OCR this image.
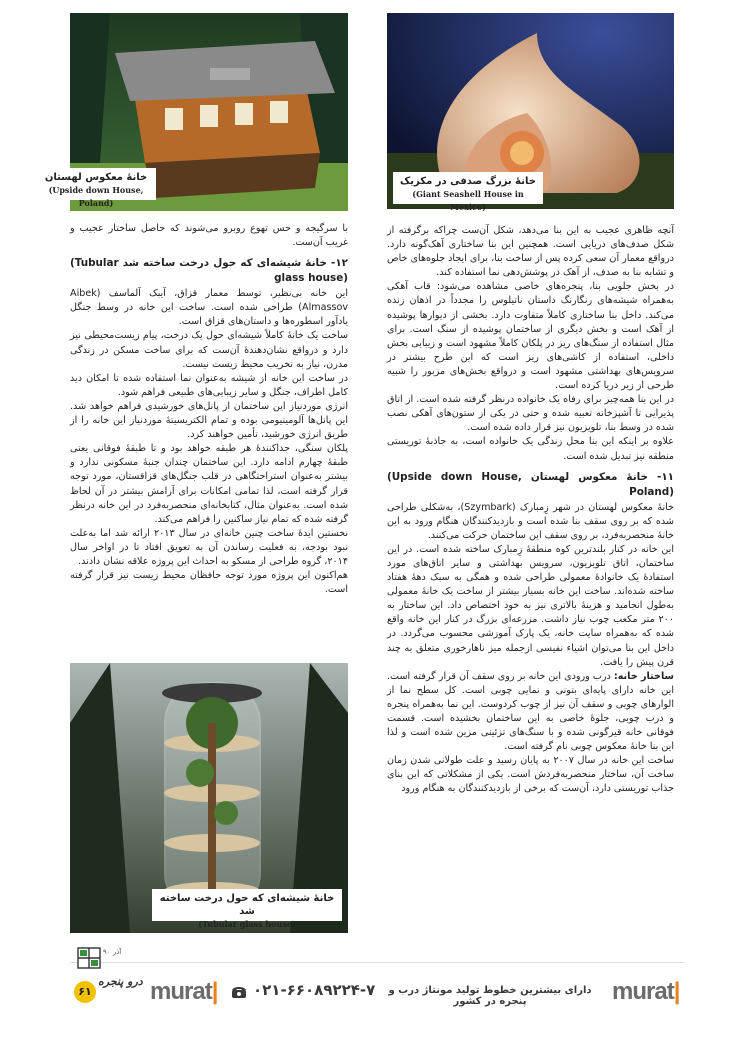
خانهٔ معکوس لهستان
(Upside down House, Poland)
خانهٔ بزرگ صدفی در مکزیک
(Giant Seashell House in Mexico)

با سرگیجه و حس تهوع روبرو می‌شوند که حاصل ساختار عجیب و غریب آن‌ست.

۱۲- خانهٔ شیشه‌ای که حول درخت ساخته شد (Tubular glass house)

این خانه بی‌نظیر، توسط معمار قزاق، آیبک آلماسف (Aibek Almassov) طراحی شده است. ساخت این خانه در وسط جنگل یادآور اسطوره‌ها و داستان‌های قزاق است.

ساخت یک خانهٔ کاملاً شیشه‌ای حول یک درخت، پیام زیست‌محیطی نیز دارد و درواقع نشان‌دهندهٔ آن‌ست که برای ساخت مسکن در زندگی مدرن، نیاز به تخریب محیط زیست نیست.

در ساخت این خانه از شیشه به‌عنوان نما استفاده شده تا امکان دید کامل اطراف، جنگل و سایر زیبایی‌های طبیعی فراهم شود.

انرژی موردنیاز این ساختمان از پانل‌های خورشیدی فراهم خواهد شد. این پانل‌ها آلومینیومی بوده و تمام الکتریسیتهٔ موردنیاز این خانه را از طریق انرژی خورشید، تأمین خواهند کرد.

پلکان سنگی، جداکنندهٔ هر طبقه خواهد بود و تا طبقهٔ فوقانی یعنی طبقهٔ چهارم ادامه دارد. این ساختمان چندان جنبهٔ مسکونی ندارد و بیشتر به‌عنوان استراحتگاهی در قلب جنگل‌های قزاقستان، مورد توجه قرار گرفته است، لذا تمامی امکانات برای آرامش بیشتر در آن لحاظ شده است. به‌عنوان مثال، کتابخانه‌ای منحصربه‌فرد در این خانه درنظر گرفته شده که تمام نیاز ساکنین را فراهم می‌کند.

نخستین ایدهٔ ساخت چنین خانه‌ای در سال ۲۰۱۳ ارائه شد اما به‌علت نبود بودجه، به فعلیت رساندن آن به تعویق افتاد تا در اواخر سال ۲۰۱۴، گروه طراحی از مسکو به احداث این پروژه علاقه نشان دادند.

هم‌اکنون این پروژه مورد توجه حافظان محیط زیست نیز قرار گرفته است.

خانهٔ شیشه‌ای که حول درخت ساخته شد
(Tubular glass house)

آنچه ظاهری عجیب به این بنا می‌دهد، شکل آن‌ست چراکه برگرفته از شکل صدف‌های دریایی است. همچنین این بنا ساختاری آهک‌گونه دارد. درواقع معمار آن سعی کرده‌ پس از ساخت بنا، برای ایجاد جلوه‌های خاص و تشابه بنا به صدف، از آهک در پوشش‌دهی نما استفاده کند.

در بخش جلویی بنا، پنجره‌های خاصی مشاهده می‌شود: قاب آهکی به‌همراه شیشه‌های رنگارنگ داستان ناتیلوس را مجدداً در اذهان زنده می‌کند. داخل بنا ساختاری کاملاً متفاوت دارد. بخشی از دیوارها پوشیده از آهک است و بخش دیگری از ساختمان پوشیده از سنگ است. برای مثال استفاده از سنگ‌های ریز در پلکان کاملاً مشهود است و زیبایی بخش داخلی، استفاده از کاشی‌های ریز است که این طرح بیشتر در سرویس‌های بهداشتی مشهود است و درواقع بخش‌های مزبور را شبیه طرحی از زیر دریا کرده است.

در این بنا همه‌چیز برای رفاه یک خانواده درنظر گرفته شده است. از اتاق پذیرایی تا آشپزخانه تعبیه شده و حتی در یکی از ستون‌های آهکی نصب شده در وسط بنا، تلویزیون نیز قرار داده شده است.

علاوه بر اینکه این بنا محل زندگی یک خانواده است، به جاذبهٔ توریستی منطقه نیز تبدیل شده است.

۱۱- خانهٔ معکوس لهستان (Upside down House, Poland)

خانهٔ معکوس لهستان در شهر زِمبارک (Szymbark)، به‌شکلی طراحی شده که بر روی سقف بنا شده است و بازدیدکنندگان هنگام ورود به این خانهٔ منحصربه‌فرد، بر روی سقف این ساختمان حرکت می‌کنند.

این خانه در کنار بلندترین کوه منطقهٔ زِمبارک ساخته شده است. در این ساختمان، اتاق تلویزیون، سرویس بهداشتی و سایر اتاق‌های مورد استفادهٔ یک خانوادهٔ معمولی طراحی شده و همگی به سبک دههٔ هفتاد ساخته شده‌اند. ساخت این خانه بسیار بیشتر از ساخت یک خانهٔ معمولی به‌طول انجامید و هزینهٔ بالاتری نیز به خود اختصاص داد. این ساختار به ۲۰۰ متر مکعب چوب نیاز داشت. مزرعه‌ای بزرگ در کنار این خانه واقع شده که به‌همراه سایت خانه، یک پارک آموزشی محسوب می‌گردد. در داخل این بنا می‌توان اشیاء نفیسی ازجمله میز ناهارخوری متعلق به چند قرن پیش را یافت.

ساختار خانه: درب ورودی این خانه بر روی سقف آن قرار گرفته است. این خانه دارای پایه‌ای بتونی و نمایی چوبی است. کل سطح نما از الوارهای چوبی و سقف آن نیز از چوب کردوست. این نما به‌همراه پنجره و درب چوبی، جلوهٔ خاصی به این ساختمان بخشیده است. قسمت فوقانی خانه قیرگونی شده و با سنگ‌های تزئینی مزین شده است و لذا این بنا خانهٔ معکوس چوبی نام گرفته است.

ساخت این خانه در سال ۲۰۰۷ به پایان رسید و علت طولانی شدن زمان ساخت آن، ساختار منحصربه‌فردش است. یکی از مشکلاتی که این بنای جذاب توریستی دارد، آن‌ست که برخی از بازدیدکنندگان به هنگام ورود

آذر ۹۰
درو پنجره
۶۱ murat| ۰۲۱-۶۶۰۸۹۲۲۴-۷	دارای بیشترین خطوط تولید مونتاژ درب و پنجره در کشور	murat|
